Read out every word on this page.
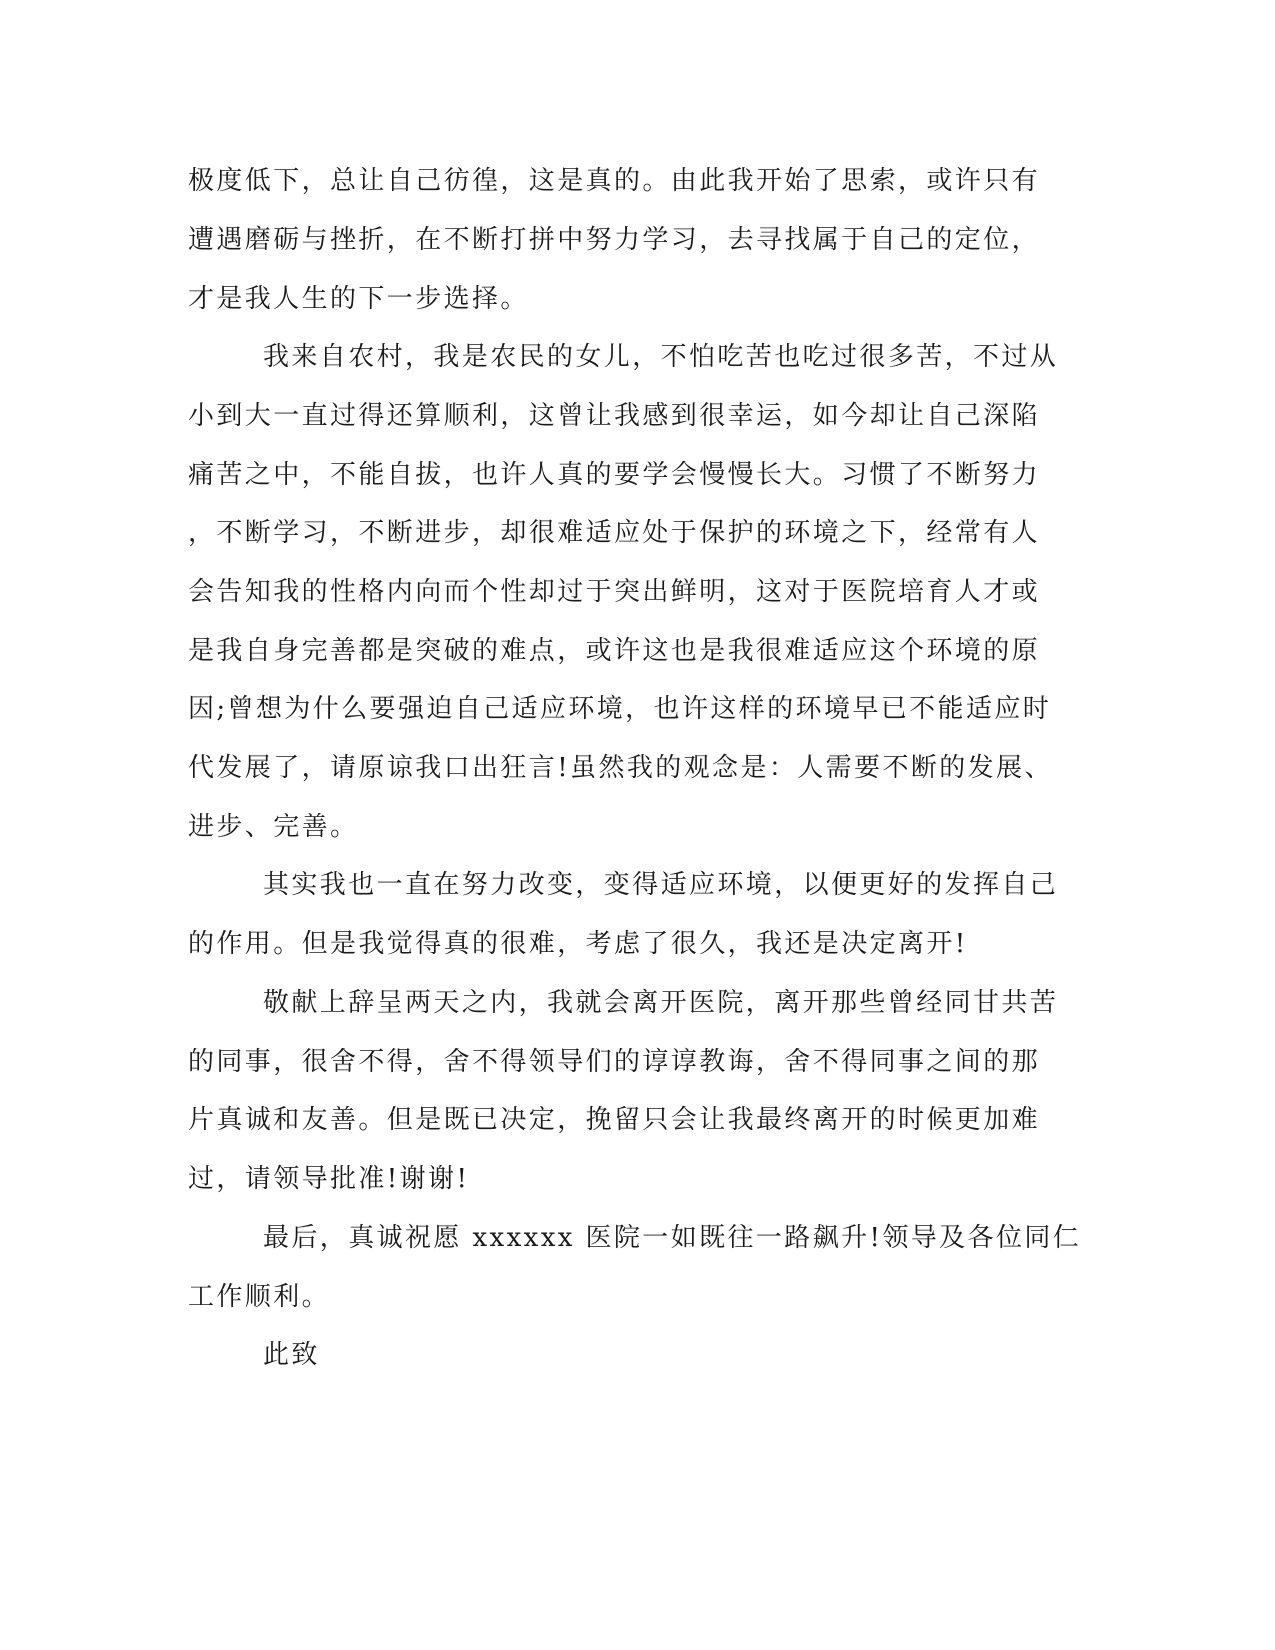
极度低下，总让自己彷徨，这是真的。由此我开始了思索，或许只有
遭遇磨砺与挫折，在不断打拼中努力学习，去寻找属于自己的定位，
才是我人生的下一步选择。
我来自农村，我是农民的女儿，不怕吃苦也吃过很多苦，不过从
小到大一直过得还算顺利，这曾让我感到很幸运，如今却让自己深陷
痛苦之中，不能自拔，也许人真的要学会慢慢长大。习惯了不断努力
，不断学习，不断进步，却很难适应处于保护的环境之下，经常有人
会告知我的性格内向而个性却过于突出鲜明，这对于医院培育人才或
是我自身完善都是突破的难点，或许这也是我很难适应这个环境的原
因;曾想为什么要强迫自己适应环境，也许这样的环境早已不能适应时
代发展了，请原谅我口出狂言!虽然我的观念是：人需要不断的发展、
进步、完善。
其实我也一直在努力改变，变得适应环境，以便更好的发挥自己
的作用。但是我觉得真的很难，考虑了很久，我还是决定离开!
敬献上辞呈两天之内，我就会离开医院，离开那些曾经同甘共苦
的同事，很舍不得，舍不得领导们的谆谆教诲，舍不得同事之间的那
片真诚和友善。但是既已决定，挽留只会让我最终离开的时候更加难
过，请领导批准!谢谢!
最后，真诚祝愿 xxxxxx 医院一如既往一路飙升!领导及各位同仁
工作顺利。
此致
